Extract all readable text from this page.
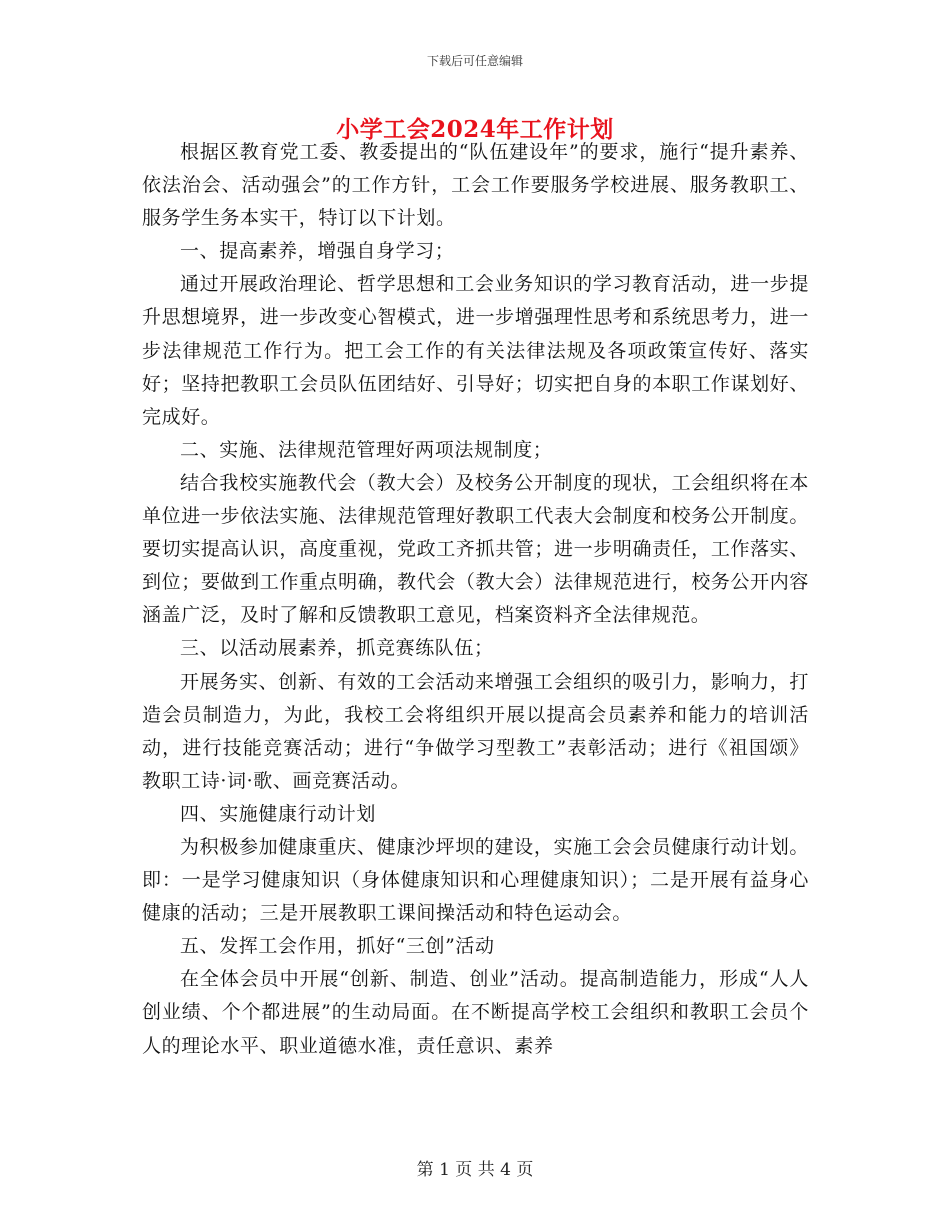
下载后可任意编辑
小学工会2024年工作计划

根据区教育党工委、教委提出的“队伍建设年”的要求，施行“提升素养、依法治会、活动强会”的工作方针，工会工作要服务学校进展、服务教职工、服务学生务本实干，特订以下计划。

一、提高素养，增强自身学习；

通过开展政治理论、哲学思想和工会业务知识的学习教育活动，进一步提升思想境界，进一步改变心智模式，进一步增强理性思考和系统思考力，进一步法律规范工作行为。把工会工作的有关法律法规及各项政策宣传好、落实好；坚持把教职工会员队伍团结好、引导好；切实把自身的本职工作谋划好、完成好。

二、实施、法律规范管理好两项法规制度；

结合我校实施教代会（教大会）及校务公开制度的现状，工会组织将在本单位进一步依法实施、法律规范管理好教职工代表大会制度和校务公开制度。要切实提高认识，高度重视，党政工齐抓共管；进一步明确责任，工作落实、到位；要做到工作重点明确，教代会（教大会）法律规范进行，校务公开内容涵盖广泛，及时了解和反馈教职工意见，档案资料齐全法律规范。

三、以活动展素养，抓竞赛练队伍；

开展务实、创新、有效的工会活动来增强工会组织的吸引力，影响力，打造会员制造力，为此，我校工会将组织开展以提高会员素养和能力的培训活动，进行技能竞赛活动；进行“争做学习型教工”表彰活动；进行《祖国颂》教职工诗·词·歌、画竞赛活动。

四、实施健康行动计划

为积极参加健康重庆、健康沙坪坝的建设，实施工会会员健康行动计划。即：一是学习健康知识（身体健康知识和心理健康知识）；二是开展有益身心健康的活动；三是开展教职工课间操活动和特色运动会。

五、发挥工会作用，抓好“三创”活动

在全体会员中开展“创新、制造、创业”活动。提高制造能力，形成“人人创业绩、个个都进展”的生动局面。在不断提高学校工会组织和教职工会员个人的理论水平、职业道德水准，责任意识、素养

第 1 页 共 4 页
